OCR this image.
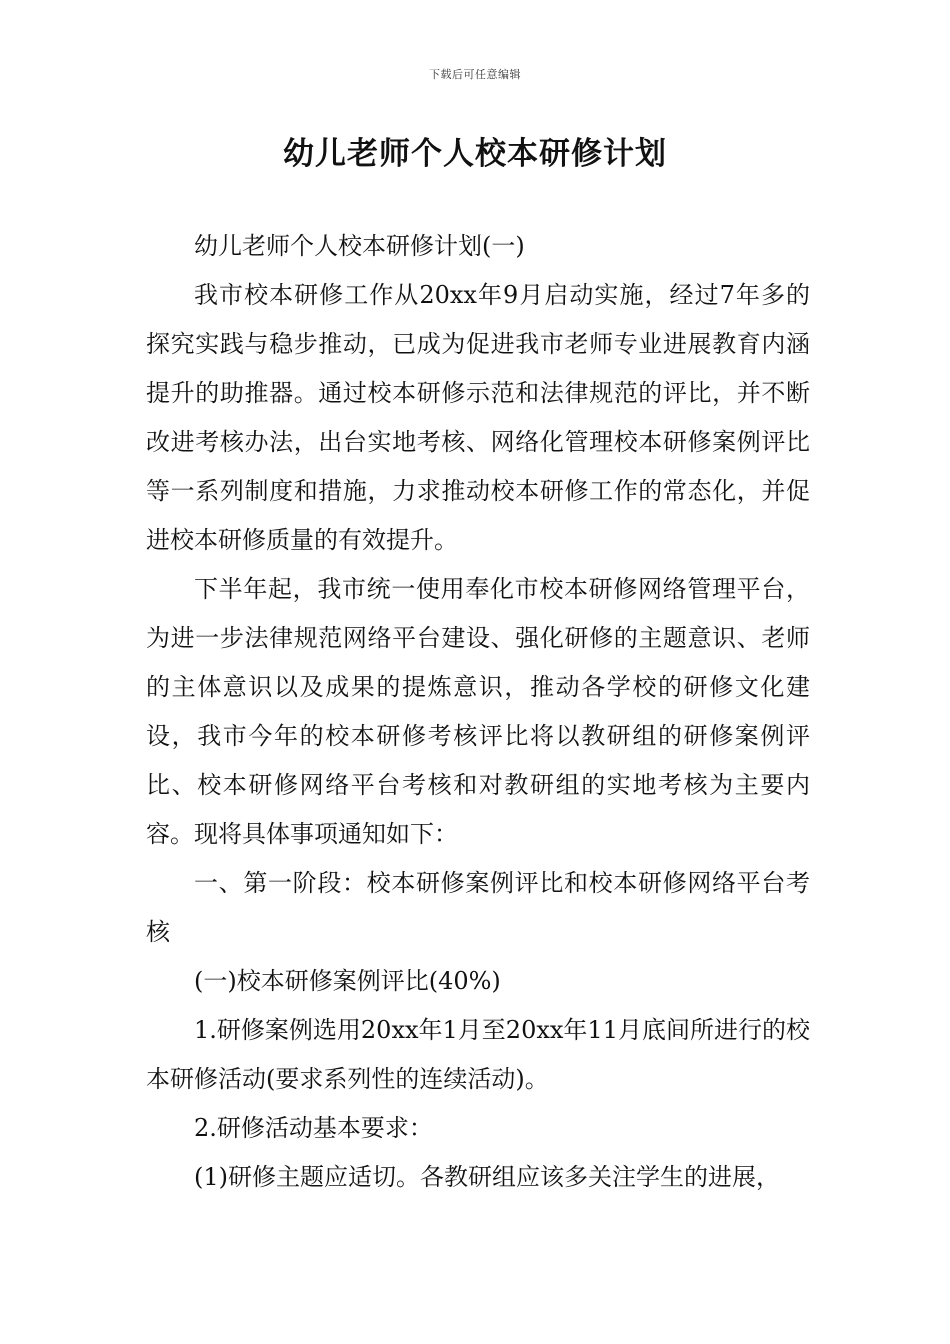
下载后可任意编辑
幼儿老师个人校本研修计划

幼儿老师个人校本研修计划(一)

我市校本研修工作从20xx年9月启动实施，经过7年多的探究实践与稳步推动，已成为促进我市老师专业进展教育内涵提升的助推器。通过校本研修示范和法律规范的评比，并不断改进考核办法，出台实地考核、网络化管理校本研修案例评比等一系列制度和措施，力求推动校本研修工作的常态化，并促进校本研修质量的有效提升。

下半年起，我市统一使用奉化市校本研修网络管理平台，为进一步法律规范网络平台建设、强化研修的主题意识、老师的主体意识以及成果的提炼意识，推动各学校的研修文化建设，我市今年的校本研修考核评比将以教研组的研修案例评比、校本研修网络平台考核和对教研组的实地考核为主要内容。现将具体事项通知如下：

一、第一阶段：校本研修案例评比和校本研修网络平台考核

(一)校本研修案例评比(40%)

1.研修案例选用20xx年1月至20xx年11月底间所进行的校本研修活动(要求系列性的连续活动)。

2.研修活动基本要求：

(1)研修主题应适切。各教研组应该多关注学生的进展，
